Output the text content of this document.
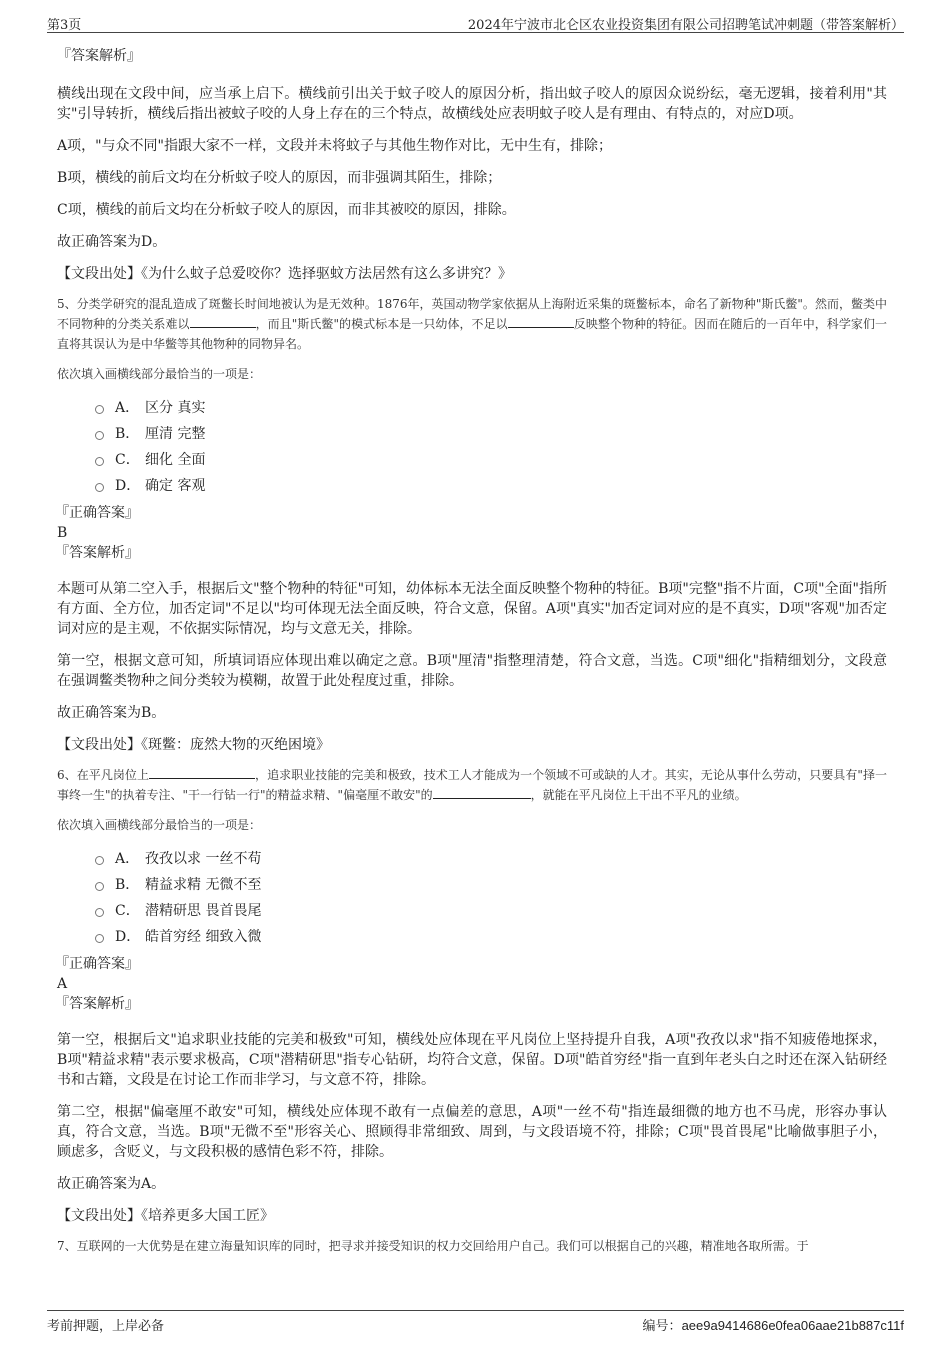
第3页	2024年宁波市北仑区农业投资集团有限公司招聘笔试冲刺题（带答案解析）

『答案解析』

横线出现在文段中间，应当承上启下。横线前引出关于蚊子咬人的原因分析，指出蚊子咬人的原因众说纷纭，毫无逻辑，接着利用"其实"引导转折，横线后指出被蚊子咬的人身上存在的三个特点，故横线处应表明蚊子咬人是有理由、有特点的，对应D项。

A项，"与众不同"指跟大家不一样，文段并未将蚊子与其他生物作对比，无中生有，排除；

B项，横线的前后文均在分析蚊子咬人的原因，而非强调其陌生，排除；

C项，横线的前后文均在分析蚊子咬人的原因，而非其被咬的原因，排除。

故正确答案为D。

【文段出处】《为什么蚊子总爱咬你？选择驱蚊方法居然有这么多讲究？》

5、分类学研究的混乱造成了斑鳖长时间地被认为是无效种。1876年，英国动物学家依据从上海附近采集的斑鳖标本，命名了新物种"斯氏鳖"。然而，鳖类中不同物种的分类关系难以	，而且"斯氏鳖"的模式标本是一只幼体，不足以	反映整个物种的特征。因而在随后的一百年中，科学家们一直将其误认为是中华鳖等其他物种的同物异名。

依次填入画横线部分最恰当的一项是：

A． 区分 真实
B． 厘清 完整
C． 细化 全面
D． 确定 客观

『正确答案』

B

『答案解析』

本题可从第二空入手，根据后文"整个物种的特征"可知，幼体标本无法全面反映整个物种的特征。B项"完整"指不片面，C项"全面"指所有方面、全方位，加否定词"不足以"均可体现无法全面反映，符合文意，保留。A项"真实"加否定词对应的是不真实，D项"客观"加否定词对应的是主观，不依据实际情况，均与文意无关，排除。

第一空，根据文意可知，所填词语应体现出难以确定之意。B项"厘清"指整理清楚，符合文意，当选。C项"细化"指精细划分，文段意在强调鳖类物种之间分类较为模糊，故置于此处程度过重，排除。

故正确答案为B。

【文段出处】《斑鳖：庞然大物的灭绝困境》

6、在平凡岗位上	，追求职业技能的完美和极致，技术工人才能成为一个领域不可或缺的人才。其实，无论从事什么劳动，只要具有"择一事终一生"的执着专注、"干一行钻一行"的精益求精、"偏毫厘不敢安"的	，就能在平凡岗位上干出不平凡的业绩。

依次填入画横线部分最恰当的一项是：

A． 孜孜以求 一丝不苟
B． 精益求精 无微不至
C． 潜精研思 畏首畏尾
D． 皓首穷经 细致入微

『正确答案』

A

『答案解析』

第一空，根据后文"追求职业技能的完美和极致"可知，横线处应体现在平凡岗位上坚持提升自我，A项"孜孜以求"指不知疲倦地探求，B项"精益求精"表示要求极高，C项"潜精研思"指专心钻研，均符合文意，保留。D项"皓首穷经"指一直到年老头白之时还在深入钻研经书和古籍，文段是在讨论工作而非学习，与文意不符，排除。

第二空，根据"偏毫厘不敢安"可知，横线处应体现不敢有一点偏差的意思，A项"一丝不苟"指连最细微的地方也不马虎，形容办事认真，符合文意，当选。B项"无微不至"形容关心、照顾得非常细致、周到，与文段语境不符，排除；C项"畏首畏尾"比喻做事胆子小，顾虑多，含贬义，与文段积极的感情色彩不符，排除。

故正确答案为A。

【文段出处】《培养更多大国工匠》

7、互联网的一大优势是在建立海量知识库的同时，把寻求并接受知识的权力交回给用户自己。我们可以根据自己的兴趣，精准地各取所需。于

考前押题，上岸必备	编号：aee9a9414686e0fea06aae21b887c11f
